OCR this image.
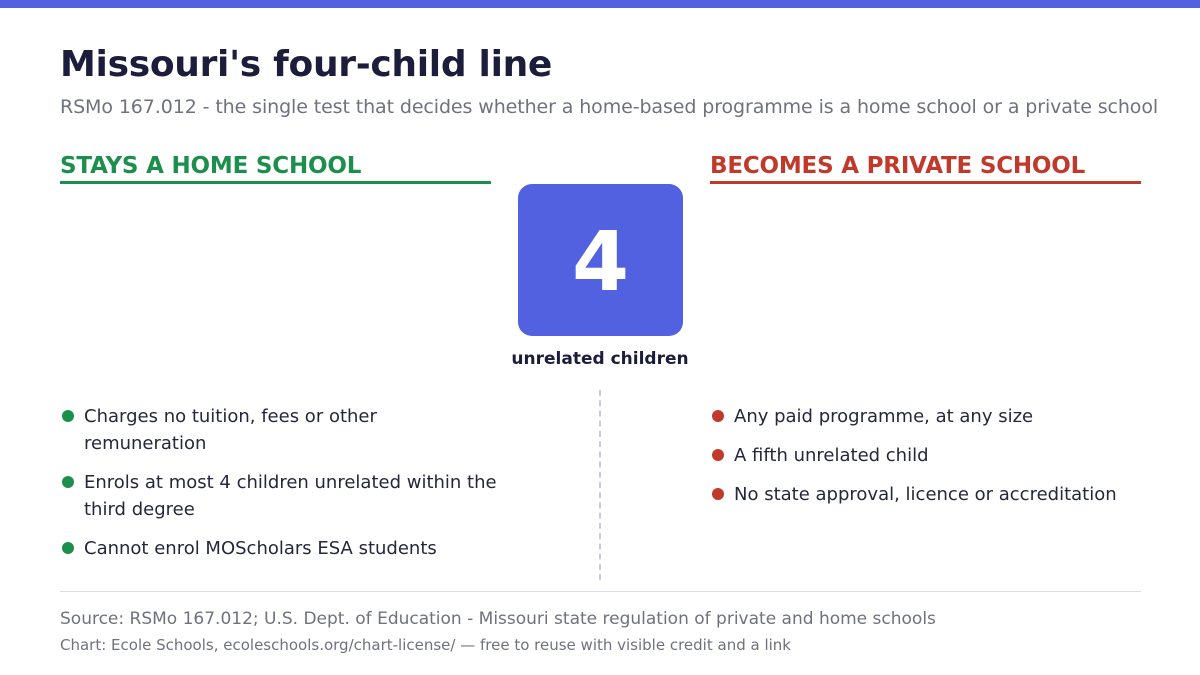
Missouri's four-child line
RSMo 167.012 - the single test that decides whether a home-based programme is a home school or a private school
STAYS A HOME SCHOOL	BECOMES A PRIVATE SCHOOL
4
unrelated children
Charges no tuition, fees or other remuneration
Enrols at most 4 children unrelated within the third degree
Cannot enrol MOScholars ESA students
Any paid programme, at any size
A fifth unrelated child
No state approval, licence or accreditation
Source: RSMo 167.012; U.S. Dept. of Education - Missouri state regulation of private and home schools
Chart: Ecole Schools, ecoleschools.org/chart-license/ — free to reuse with visible credit and a link
